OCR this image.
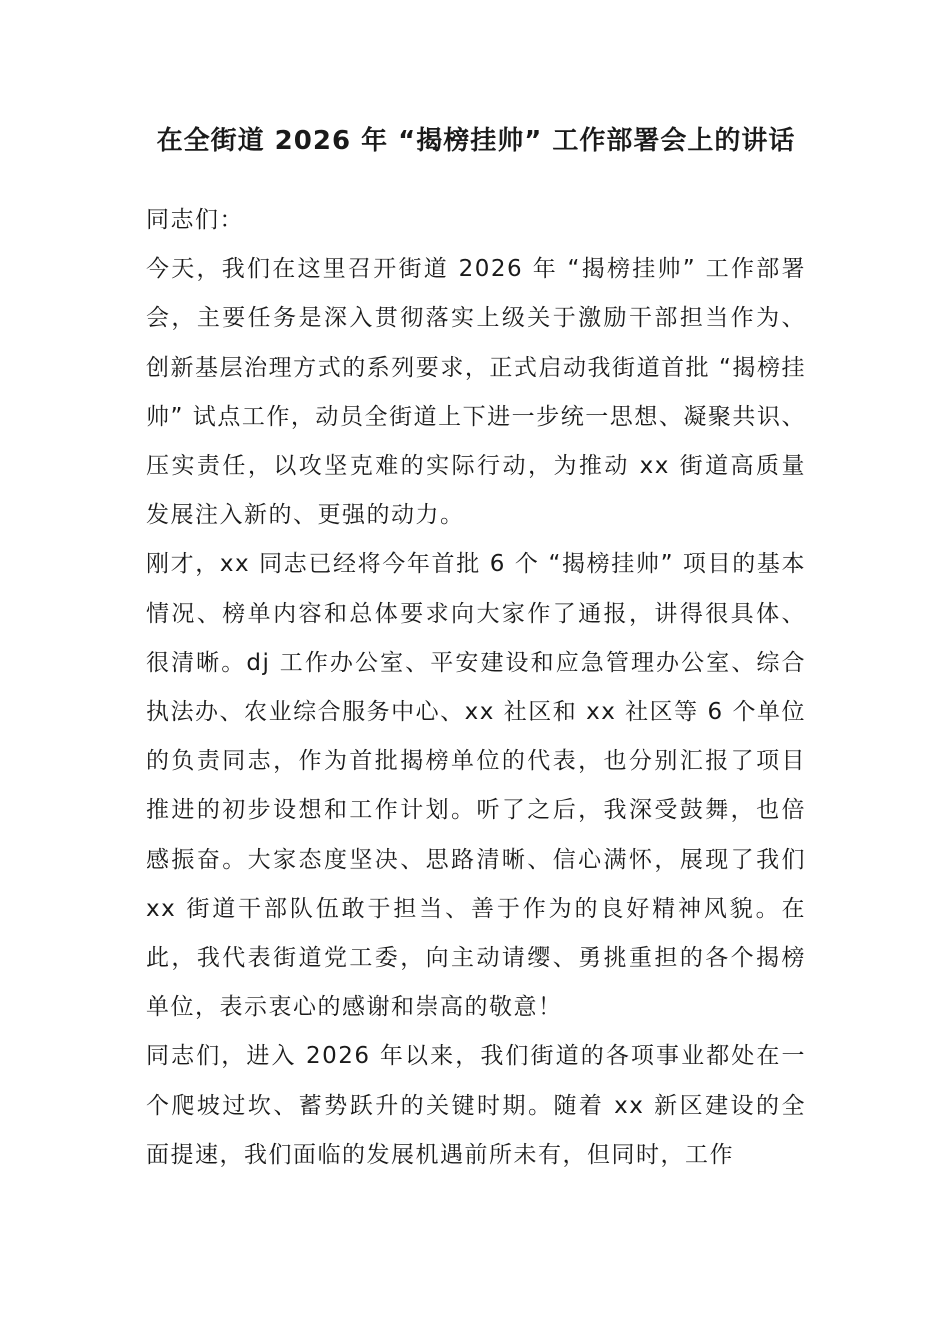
在全街道 2026 年 “揭榜挂帅” 工作部署会上的讲话

同志们：

今天，我们在这里召开街道 2026 年 “揭榜挂帅” 工作部署会，主要任务是深入贯彻落实上级关于激励干部担当作为、创新基层治理方式的系列要求，正式启动我街道首批 “揭榜挂帅” 试点工作，动员全街道上下进一步统一思想、凝聚共识、压实责任，以攻坚克难的实际行动，为推动 xx 街道高质量发展注入新的、更强的动力。

刚才，xx 同志已经将今年首批 6 个 “揭榜挂帅” 项目的基本情况、榜单内容和总体要求向大家作了通报，讲得很具体、很清晰。dj 工作办公室、平安建设和应急管理办公室、综合执法办、农业综合服务中心、xx 社区和 xx 社区等 6 个单位的负责同志，作为首批揭榜单位的代表，也分别汇报了项目推进的初步设想和工作计划。听了之后，我深受鼓舞，也倍感振奋。大家态度坚决、思路清晰、信心满怀，展现了我们 xx 街道干部队伍敢于担当、善于作为的良好精神风貌。在此，我代表街道党工委，向主动请缨、勇挑重担的各个揭榜单位，表示衷心的感谢和崇高的敬意！

同志们，进入 2026 年以来，我们街道的各项事业都处在一个爬坡过坎、蓄势跃升的关键时期。随着 xx 新区建设的全面提速，我们面临的发展机遇前所未有，但同时，工作
